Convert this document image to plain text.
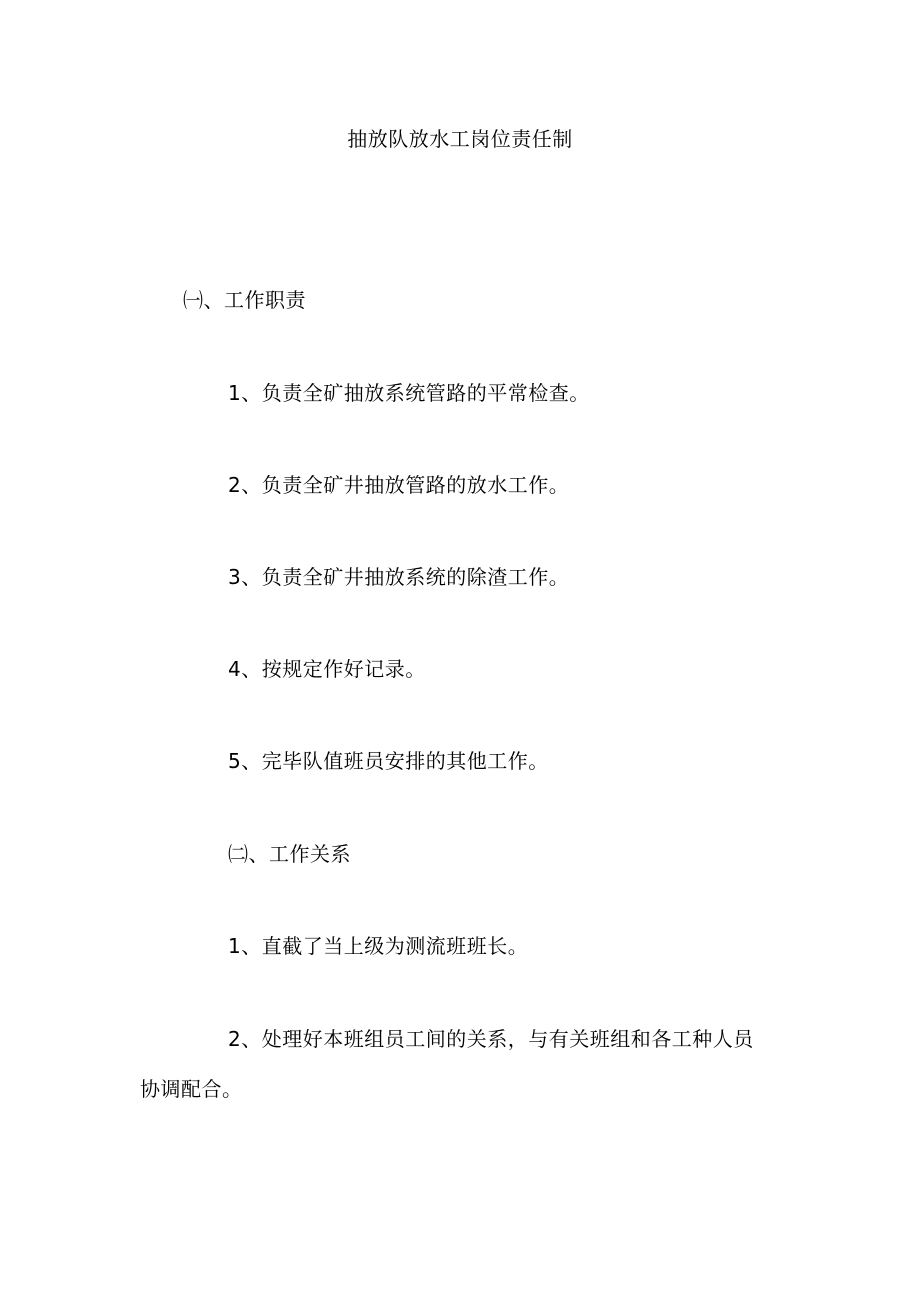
抽放队放水工岗位责任制
㈠、工作职责
1、负责全矿抽放系统管路的平常检查。
2、负责全矿井抽放管路的放水工作。
3、负责全矿井抽放系统的除渣工作。
4、按规定作好记录。
5、完毕队值班员安排的其他工作。
㈡、工作关系
1、直截了当上级为测流班班长。
2、处理好本班组员工间的关系，与有关班组和各工种人员
协调配合。
